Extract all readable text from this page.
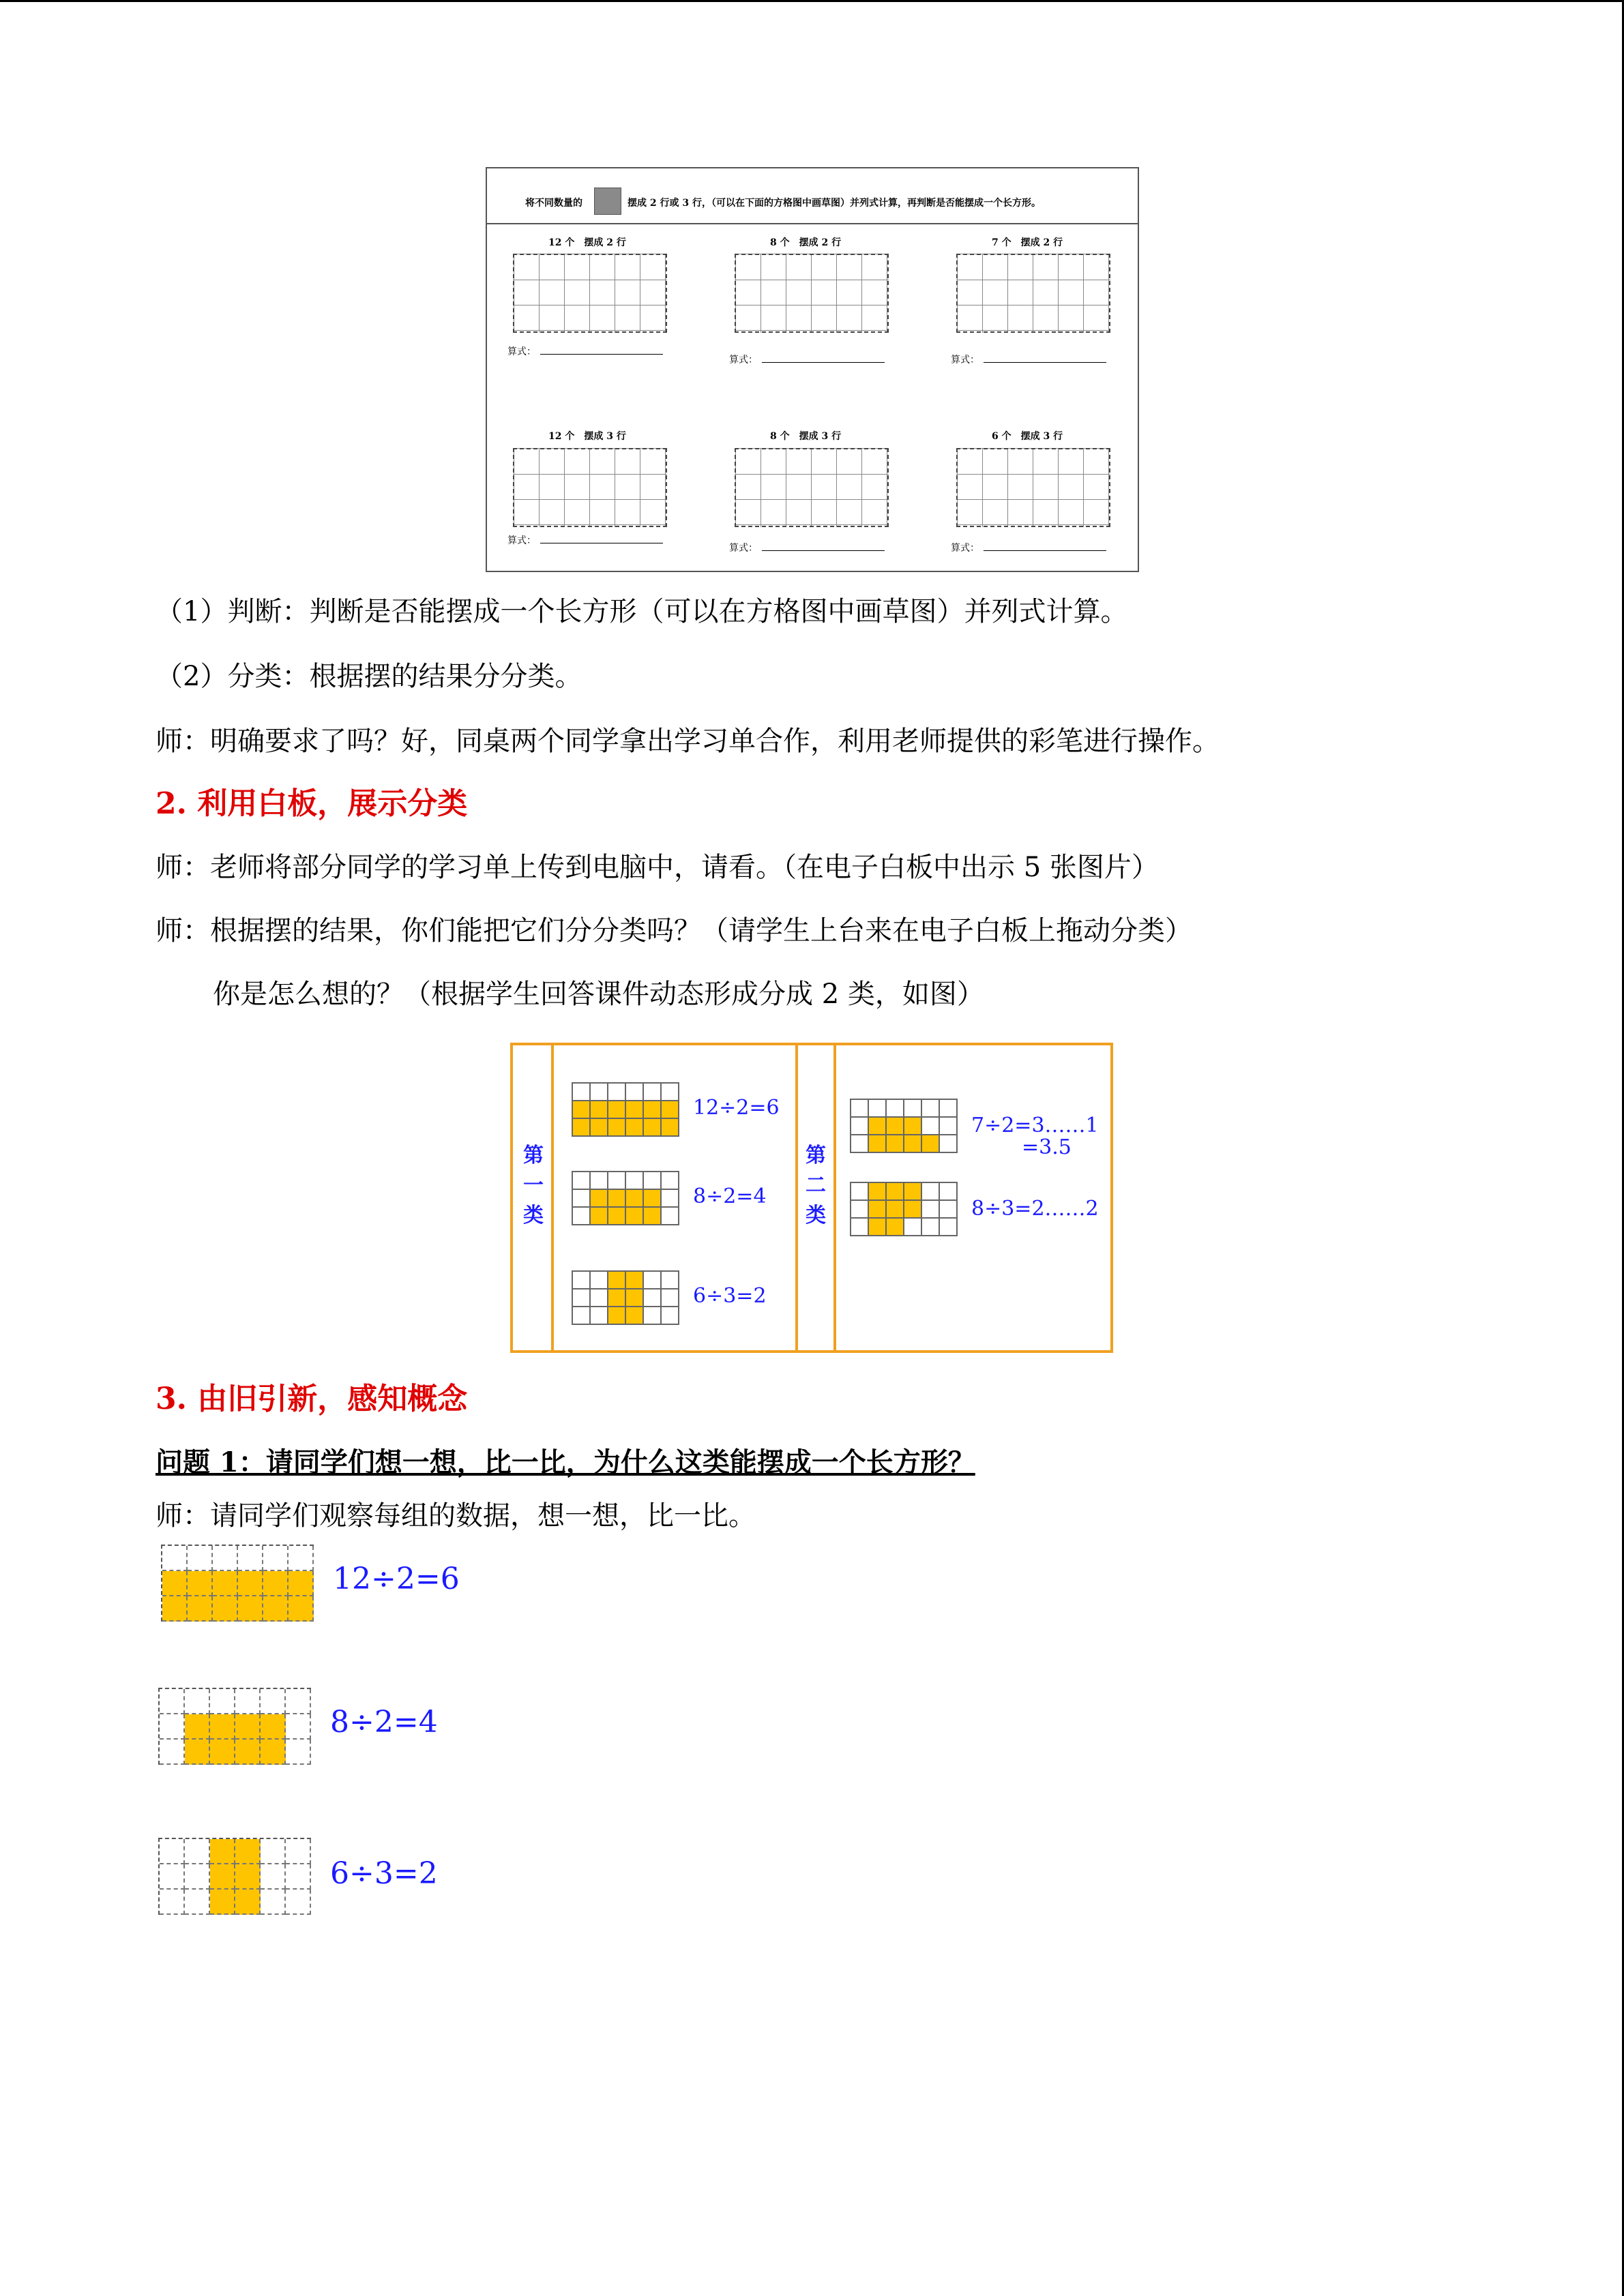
将不同数量的	摆成 2 行或 3 行，（可以在下面的方格图中画草图）并列式计算，再判断是否能摆成一个长方形。
12 个　摆成 2 行
算式：
8 个　摆成 2 行
算式：
7 个　摆成 2 行
算式：
12 个　摆成 3 行
算式：
8 个　摆成 3 行
算式：
6 个　摆成 3 行
算式：
（1）判断：判断是否能摆成一个长方形（可以在方格图中画草图）并列式计算。
（2）分类：根据摆的结果分分类。
师：明确要求了吗？好，同桌两个同学拿出学习单合作，利用老师提供的彩笔进行操作。
2. 利用白板，展示分类
师：老师将部分同学的学习单上传到电脑中，请看。（在电子白板中出示 5 张图片）
师：根据摆的结果，你们能把它们分分类吗？（请学生上台来在电子白板上拖动分类）
你是怎么想的？（根据学生回答课件动态形成分成 2 类，如图）
第
一
类
第
二
类
12÷2=6
8÷2=4
6÷3=2
7÷2=3……1
=3.5
8÷3=2……2
3. 由旧引新，感知概念
问题 1：请同学们想一想，比一比，为什么这类能摆成一个长方形？
师：请同学们观察每组的数据，想一想，比一比。
12÷2=6
8÷2=4
6÷3=2
